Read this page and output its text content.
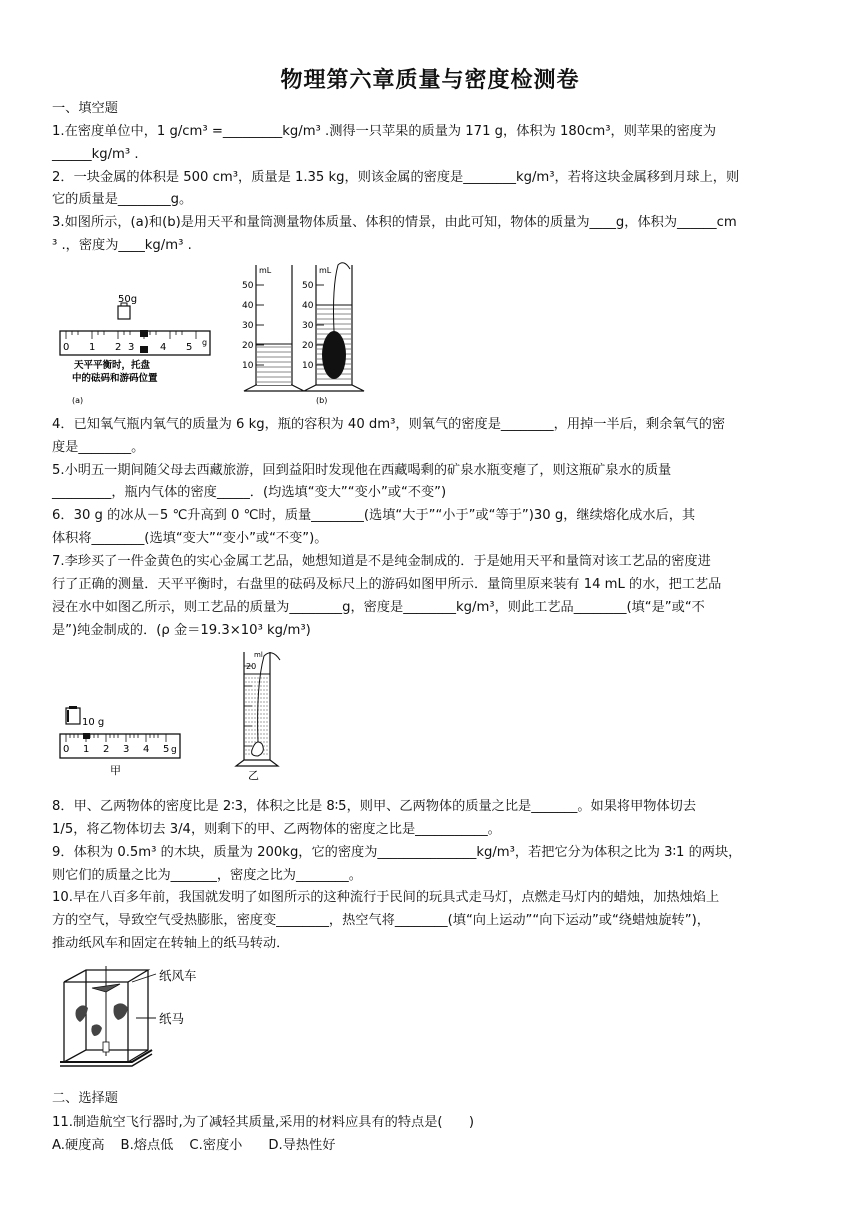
物理第六章质量与密度检测卷
一、填空题
1.在密度单位中，1 g/cm³ =_________kg/m³ .测得一只苹果的质量为 171 g，体积为 180cm³，则苹果的密度为
______kg/m³ .
2．一块金属的体积是 500 cm³，质量是 1.35 kg，则该金属的密度是________kg/m³，若将这块金属移到月球上，则
它的质量是________g。
3.如图所示，(a)和(b)是用天平和量筒测量物体质量、体积的情景，由此可知，物体的质量为____g，体积为______cm
³ .，密度为____kg/m³ .
50g
0 1 2 3	4 5 g
天平平衡时，托盘
中的砝码和游码位置
(a)
mL
50
40
30
20
10
mL
50
40
30
20
10
(b)
4．已知氧气瓶内氧气的质量为 6 kg，瓶的容积为 40 dm³，则氧气的密度是________，用掉一半后，剩余氧气的密
度是________。
5.小明五一期间随父母去西藏旅游，回到益阳时发现他在西藏喝剩的矿泉水瓶变瘪了，则这瓶矿泉水的质量
_________，瓶内气体的密度_____．(均选填“变大”“变小”或“不变”)
6．30 g 的冰从－5 ℃升高到 0 ℃时，质量________(选填“大于”“小于”或“等于”)30 g，继续熔化成水后，其
体积将________(选填“变大”“变小”或“不变”)。
7.李珍买了一件金黄色的实心金属工艺品，她想知道是不是纯金制成的．于是她用天平和量筒对该工艺品的密度进
行了正确的测量．天平平衡时，右盘里的砝码及标尺上的游码如图甲所示．量筒里原来装有 14 mL 的水，把工艺品
浸在水中如图乙所示，则工艺品的质量为________g，密度是________kg/m³，则此工艺品________(填“是”或“不
是”)纯金制成的．(ρ 金＝19.3×10³ kg/m³)
10 g
0 1 2 3 4 5 g
甲
ml
20
乙
8．甲、乙两物体的密度比是 2∶3，体积之比是 8∶5，则甲、乙两物体的质量之比是_______。如果将甲物体切去
1/5，将乙物体切去 3/4，则剩下的甲、乙两物体的密度之比是___________。
9．体积为 0.5m³ 的木块，质量为 200kg，它的密度为_______________kg/m³，若把它分为体积之比为 3∶1 的两块，
则它们的质量之比为_______，密度之比为________。
10.早在八百多年前，我国就发明了如图所示的这种流行于民间的玩具式走马灯，点燃走马灯内的蜡烛，加热烛焰上
方的空气，导致空气受热膨胀，密度变________，热空气将________(填“向上运动”“向下运动”或“绕蜡烛旋转”)，
推动纸风车和固定在转轴上的纸马转动．
纸风车
纸马
二、选择题
11.制造航空飞行器时,为了减轻其质量,采用的材料应具有的特点是(　　)
A.硬度高 B.熔点低 C.密度小 D.导热性好
